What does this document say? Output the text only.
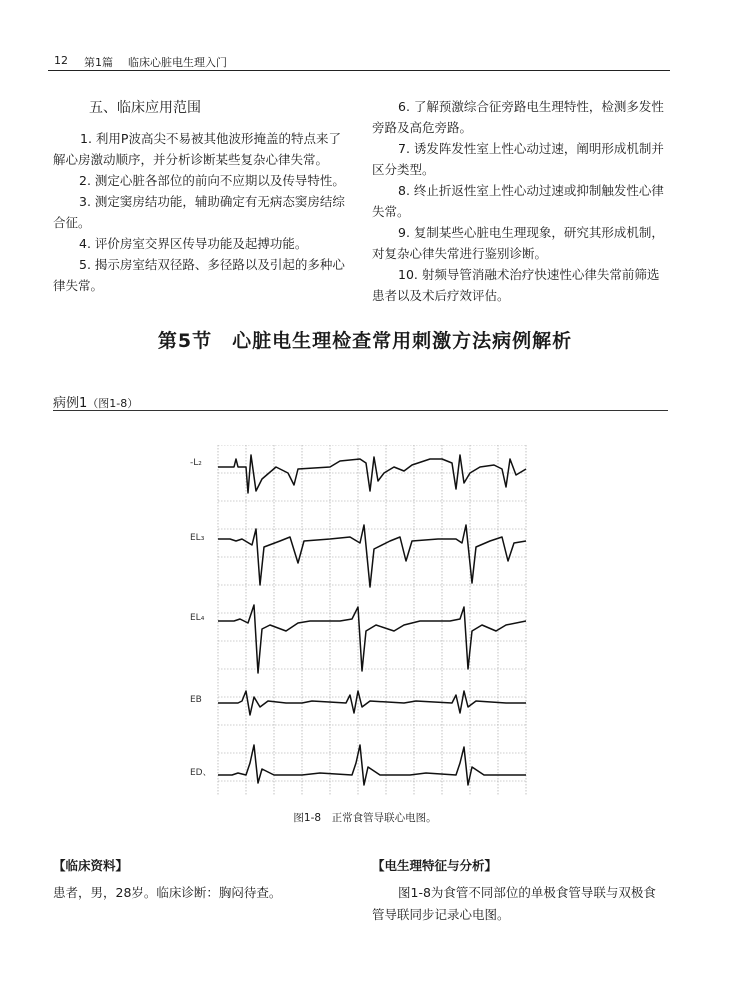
12 第1篇 临床心脏电生理入门

五、临床应用范围

1. 利用P波高尖不易被其他波形掩盖的特点来了解心房激动顺序，并分析诊断某些复杂心律失常。

2. 测定心脏各部位的前向不应期以及传导特性。

3. 测定窦房结功能，辅助确定有无病态窦房结综合征。

4. 评价房室交界区传导功能及起搏功能。

5. 揭示房室结双径路、多径路以及引起的多种心律失常。

6. 了解预激综合征旁路电生理特性，检测多发性旁路及高危旁路。

7. 诱发阵发性室上性心动过速，阐明形成机制并区分类型。

8. 终止折返性室上性心动过速或抑制触发性心律失常。

9. 复制某些心脏电生理现象，研究其形成机制，对复杂心律失常进行鉴别诊断。

10. 射频导管消融术治疗快速性心律失常前筛选患者以及术后疗效评估。

第5节　心脏电生理检查常用刺激方法病例解析
病例1（图1-8）
-L₂
EL₃
EL₄
EB
ED、
图1-8　 正常食管导联心电图。
【临床资料】
患者，男，28岁。临床诊断：胸闷待查。
【电生理特征与分析】
图1-8为食管不同部位的单极食管导联与双极食管导联同步记录心电图。
